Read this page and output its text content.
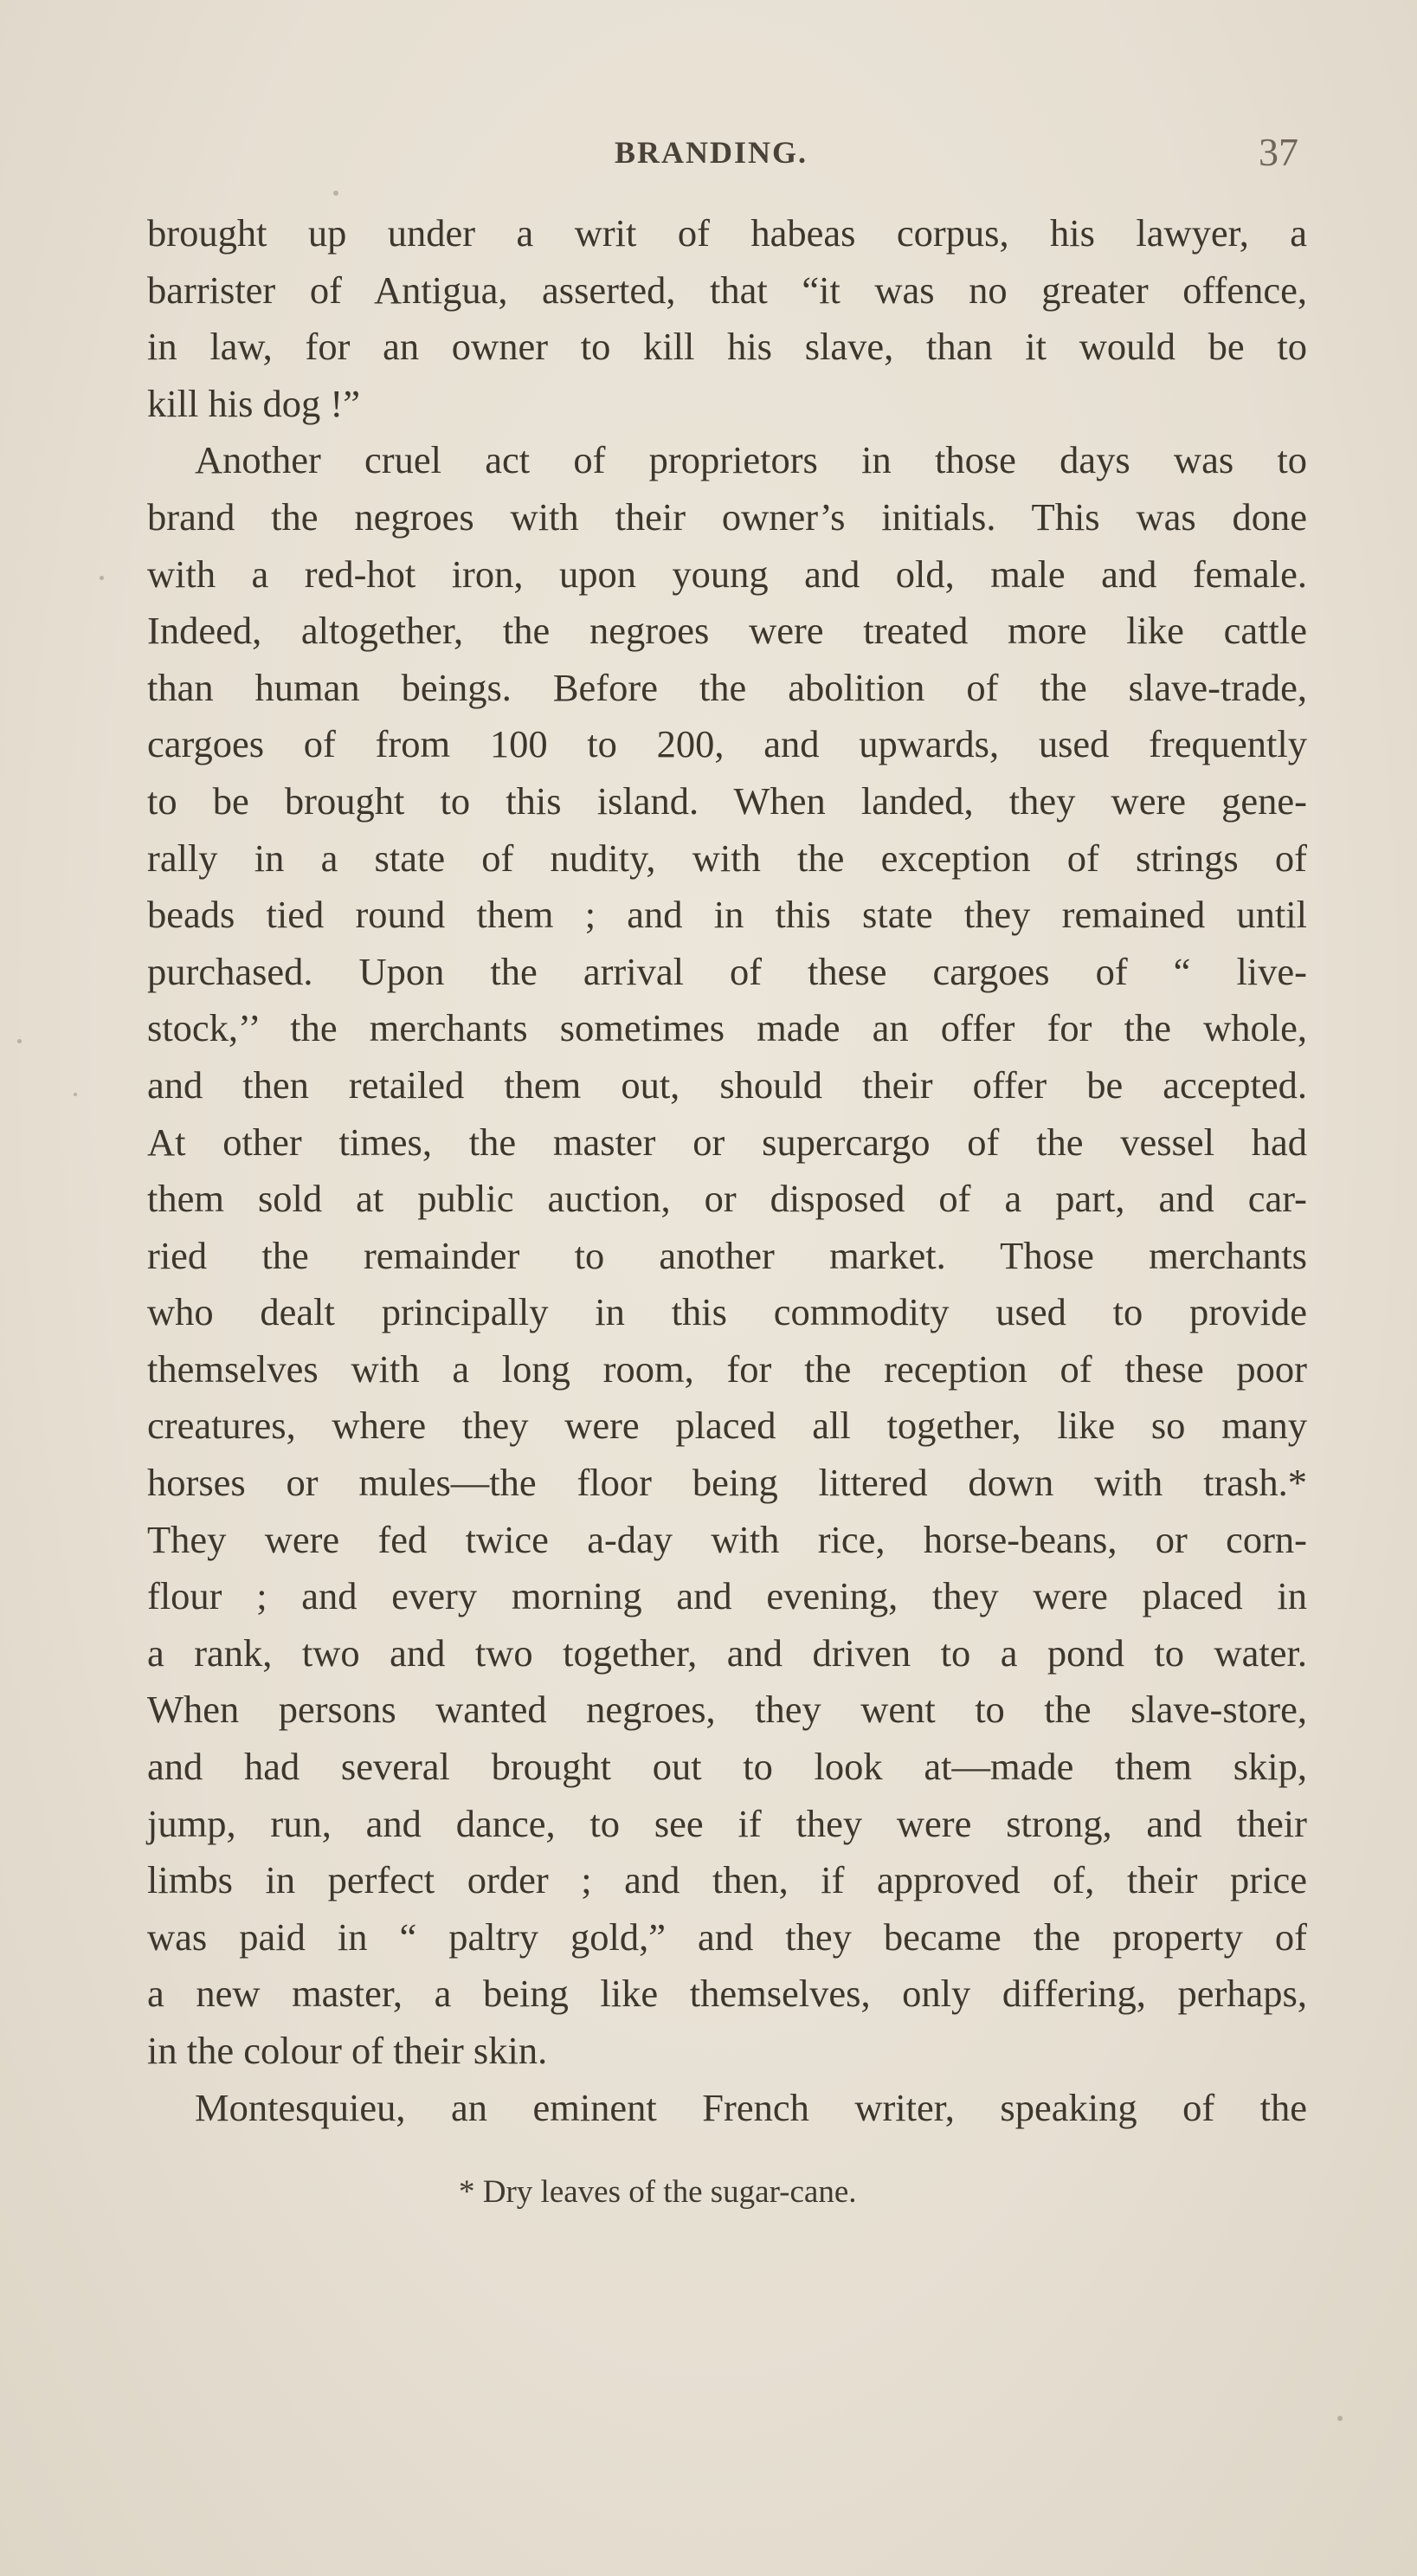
BRANDING.	37
brought up under a writ of habeas corpus, his lawyer, a
barrister of Antigua, asserted, that “it was no greater offence,
in law, for an owner to kill his slave, than it would be to
kill his dog !”
Another cruel act of proprietors in those days was to
brand the negroes with their owner’s initials. This was done
with a red-hot iron, upon young and old, male and female.
Indeed, altogether, the negroes were treated more like cattle
than human beings. Before the abolition of the slave-trade,
cargoes of from 100 to 200, and upwards, used frequently
to be brought to this island. When landed, they were gene-
rally in a state of nudity, with the exception of strings of
beads tied round them ; and in this state they remained until
purchased. Upon the arrival of these cargoes of “ live-
stock,’’ the merchants sometimes made an offer for the whole,
and then retailed them out, should their offer be accepted.
At other times, the master or supercargo of the vessel had
them sold at public auction, or disposed of a part, and car-
ried the remainder to another market. Those merchants
who dealt principally in this commodity used to provide
themselves with a long room, for the reception of these poor
creatures, where they were placed all together, like so many
horses or mules—the floor being littered down with trash.*
They were fed twice a-day with rice, horse-beans, or corn-
flour ; and every morning and evening, they were placed in
a rank, two and two together, and driven to a pond to water.
When persons wanted negroes, they went to the slave-store,
and had several brought out to look at—made them skip,
jump, run, and dance, to see if they were strong, and their
limbs in perfect order ; and then, if approved of, their price
was paid in “ paltry gold,” and they became the property of
a new master, a being like themselves, only differing, perhaps,
in the colour of their skin.
Montesquieu, an eminent French writer, speaking of the
* Dry leaves of the sugar-cane.
